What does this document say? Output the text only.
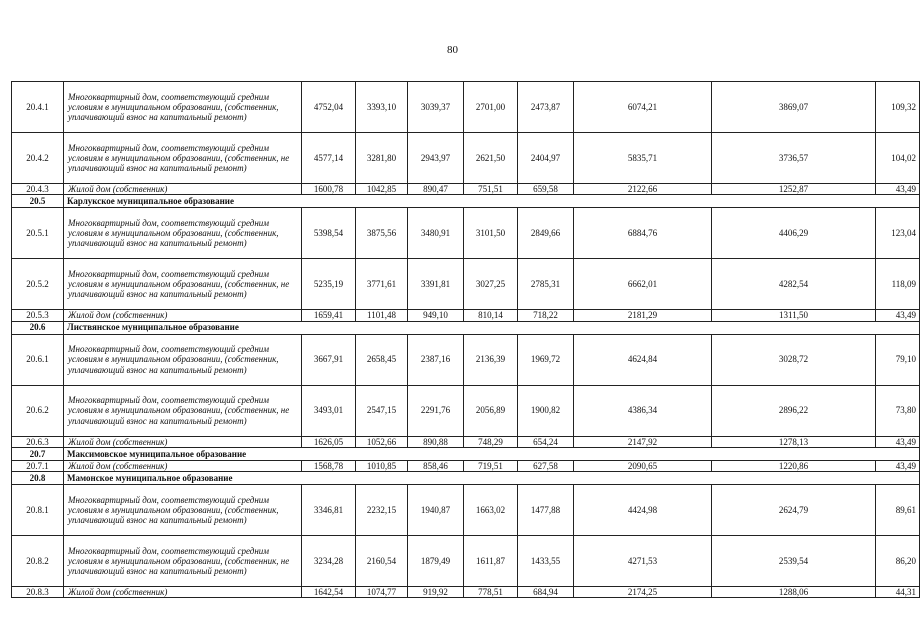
80
20.4.1	Многоквартирный дом, соответствующий средним условиям в муниципальном образовании, (собственник, уплачивающий взнос на капитальный ремонт)	4752,04	3393,10	3039,37	2701,00	2473,87	6074,21	3869,07	109,32
20.4.2	Многоквартирный дом, соответствующий средним условиям в муниципальном образовании, (собственник, не уплачивающий взнос на капитальный ремонт)	4577,14	3281,80	2943,97	2621,50	2404,97	5835,71	3736,57	104,02
20.4.3	Жилой дом (собственник)	1600,78	1042,85	890,47	751,51	659,58	2122,66	1252,87	43,49
20.5	Карлукское муниципальное образование								
20.5.1	Многоквартирный дом, соответствующий средним условиям в муниципальном образовании, (собственник, уплачивающий взнос на капитальный ремонт)	5398,54	3875,56	3480,91	3101,50	2849,66	6884,76	4406,29	123,04
20.5.2	Многоквартирный дом, соответствующий средним условиям в муниципальном образовании, (собственник, не уплачивающий взнос на капитальный ремонт)	5235,19	3771,61	3391,81	3027,25	2785,31	6662,01	4282,54	118,09
20.5.3	Жилой дом (собственник)	1659,41	1101,48	949,10	810,14	718,22	2181,29	1311,50	43,49
20.6	Листвянское муниципальное образование								
20.6.1	Многоквартирный дом, соответствующий средним условиям в муниципальном образовании, (собственник, уплачивающий взнос на капитальный ремонт)	3667,91	2658,45	2387,16	2136,39	1969,72	4624,84	3028,72	79,10
20.6.2	Многоквартирный дом, соответствующий средним условиям в муниципальном образовании, (собственник, не уплачивающий взнос на капитальный ремонт)	3493,01	2547,15	2291,76	2056,89	1900,82	4386,34	2896,22	73,80
20.6.3	Жилой дом (собственник)	1626,05	1052,66	890,88	748,29	654,24	2147,92	1278,13	43,49
20.7	Максимовское муниципальное образование								
20.7.1	Жилой дом (собственник)	1568,78	1010,85	858,46	719,51	627,58	2090,65	1220,86	43,49
20.8	Мамонское муниципальное образование								
20.8.1	Многоквартирный дом, соответствующий средним условиям в муниципальном образовании, (собственник, уплачивающий взнос на капитальный ремонт)	3346,81	2232,15	1940,87	1663,02	1477,88	4424,98	2624,79	89,61
20.8.2	Многоквартирный дом, соответствующий средним условиям в муниципальном образовании, (собственник, не уплачивающий взнос на капитальный ремонт)	3234,28	2160,54	1879,49	1611,87	1433,55	4271,53	2539,54	86,20
20.8.3	Жилой дом (собственник)	1642,54	1074,77	919,92	778,51	684,94	2174,25	1288,06	44,31
